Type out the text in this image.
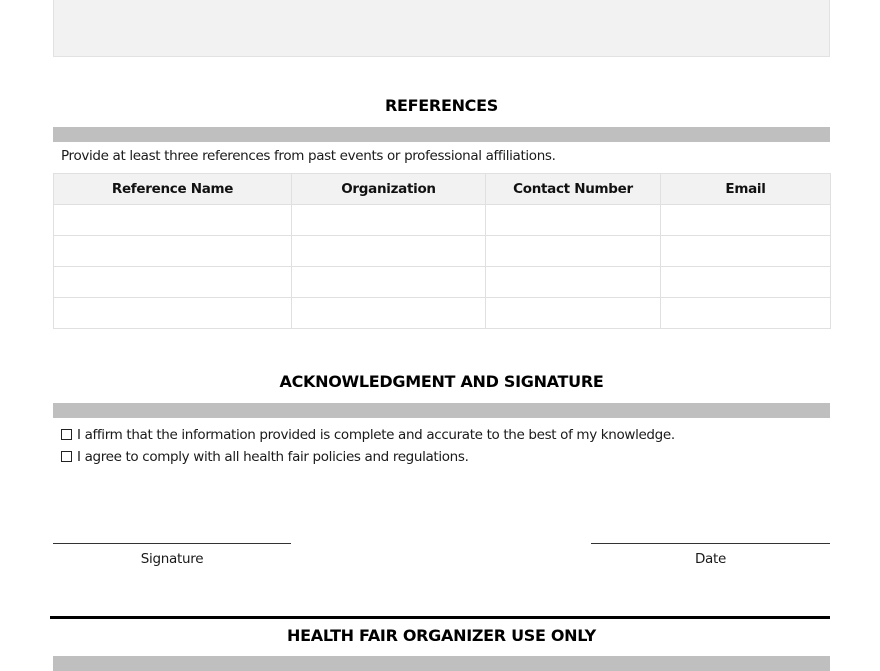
REFERENCES
Provide at least three references from past events or professional affiliations.
Reference Name	Organization	Contact Number	Email

ACKNOWLEDGMENT AND SIGNATURE
I affirm that the information provided is complete and accurate to the best of my knowledge.
I agree to comply with all health fair policies and regulations.
Signature	Date
HEALTH FAIR ORGANIZER USE ONLY
